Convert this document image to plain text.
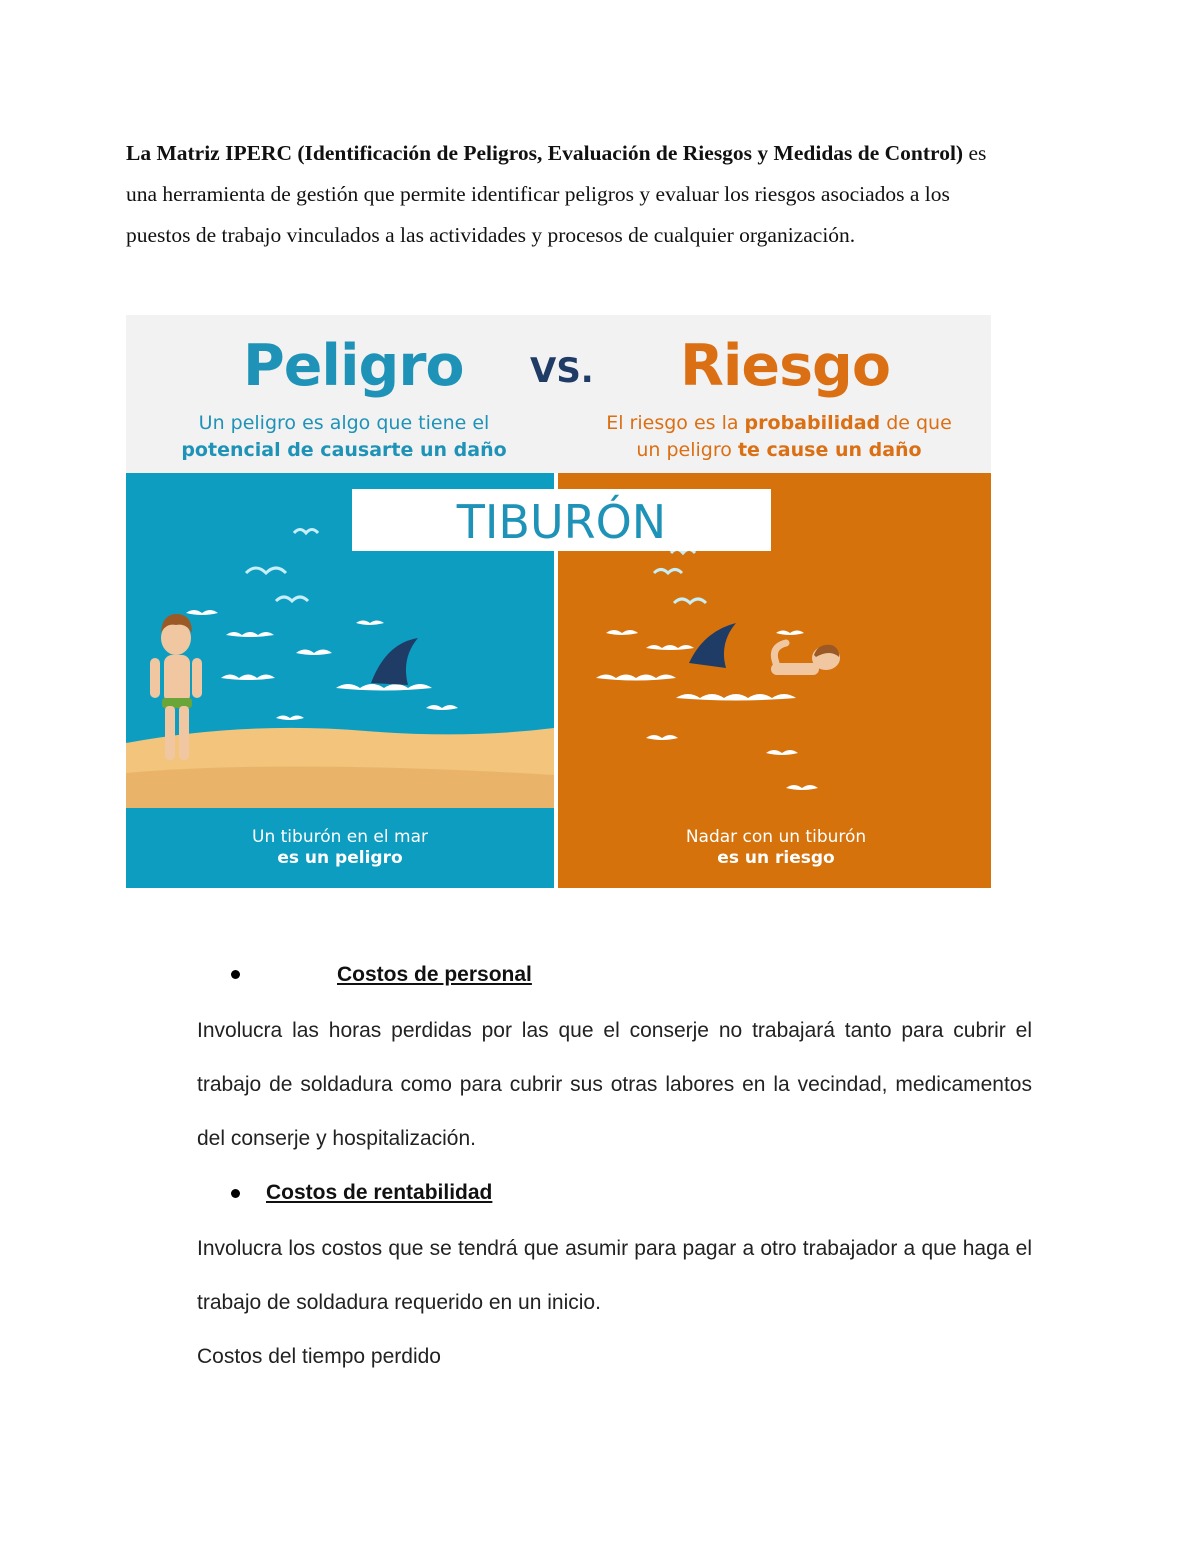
La Matriz IPERC (Identificación de Peligros, Evaluación de Riesgos y Medidas de Control) es una herramienta de gestión que permite identificar peligros y evaluar los riesgos asociados a los puestos de trabajo vinculados a las actividades y procesos de cualquier organización.

Peligro VS. Riesgo
Un peligro es algo que tiene el
potencial de causarte un daño
El riesgo es la probabilidad de que
un peligro te cause un daño
TIBURÓN
Un tiburón en el mar
es un peligro
Nadar con un tiburón
es un riesgo

Costos de personal

Involucra las horas perdidas por las que el conserje no trabajará tanto para cubrir el trabajo de soldadura como para cubrir sus otras labores en la vecindad, medicamentos del conserje y hospitalización.

Costos de rentabilidad

Involucra los costos que se tendrá que asumir para pagar a otro trabajador a que haga el trabajo de soldadura requerido en un inicio.

Costos del tiempo perdido
